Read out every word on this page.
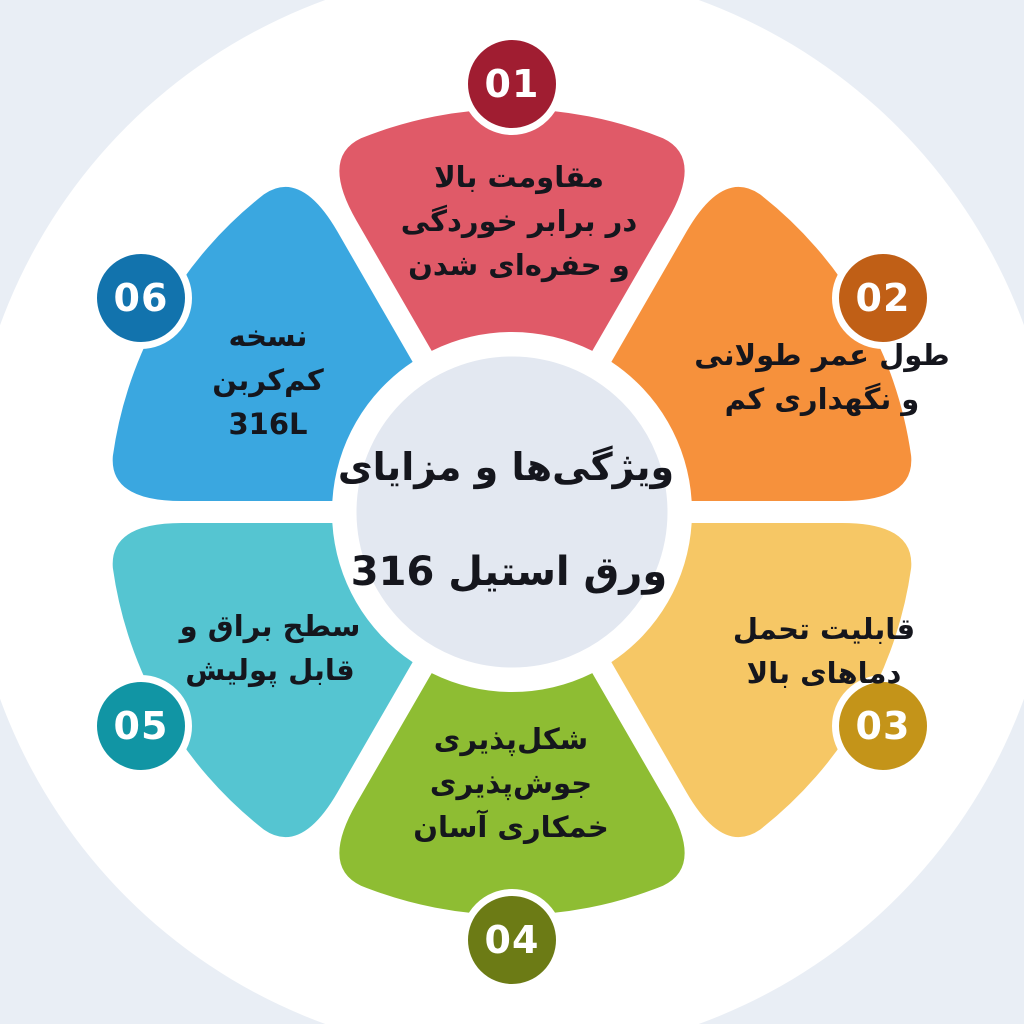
01
02
03
04
05
06
مقاومت بالا
در برابر خوردگی
و حفره‌ای شدن
طول عمر طولانی
و نگهداری کم
قابلیت تحمل
دماهای بالا
شکل‌پذیری
جوش‌پذیری
خمکاری آسان
سطح براق و
قابل پولیش
نسخه
کم‌کربن
316L
ویژگی‌ها و مزایای
ورق استیل 316
